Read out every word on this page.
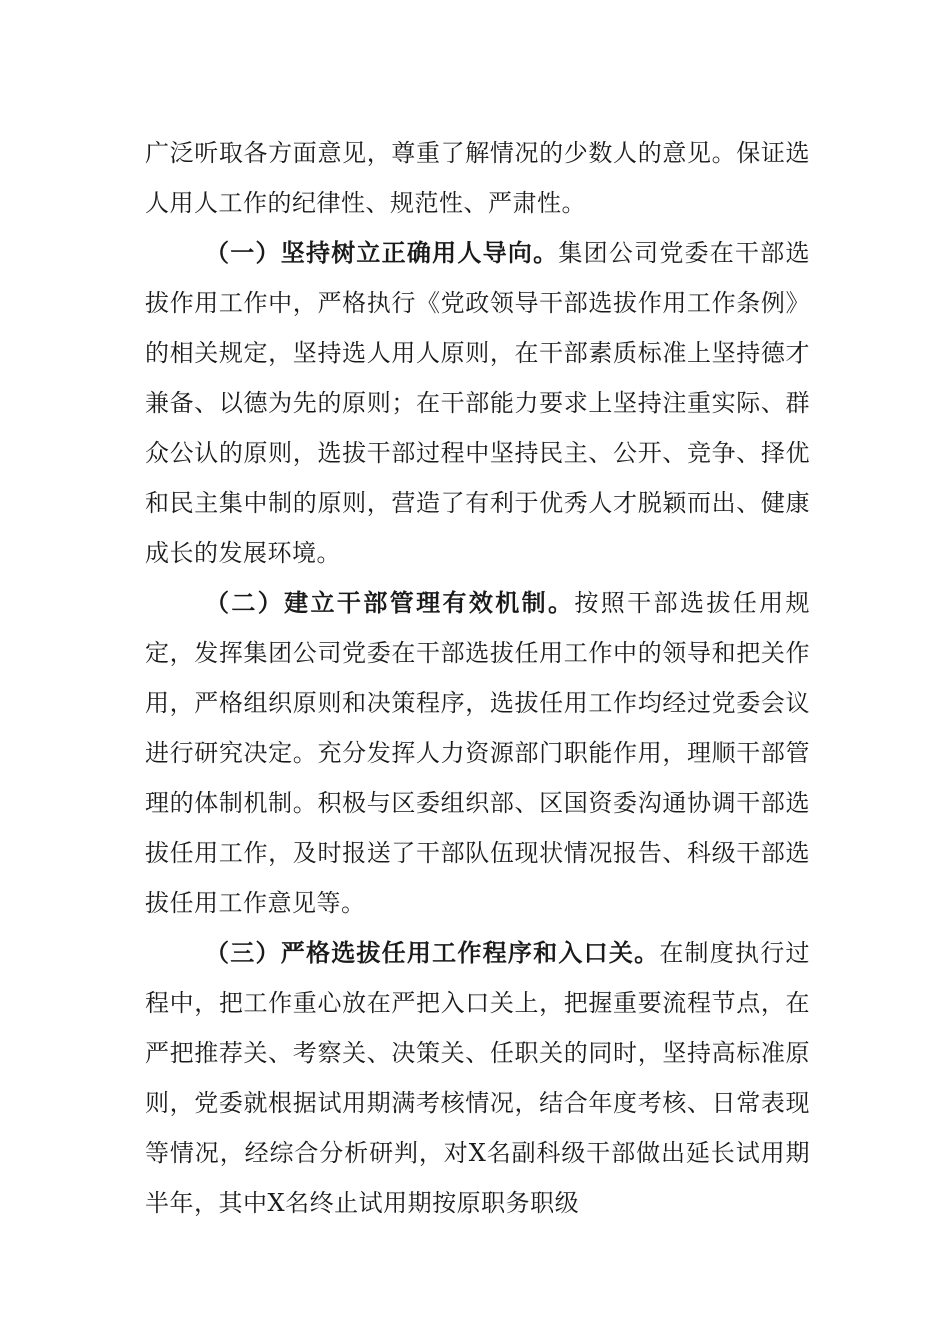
广泛听取各方面意见，尊重了解情况的少数人的意见。保证选人用人工作的纪律性、规范性、严肃性。

（一）坚持树立正确用人导向。集团公司党委在干部选拔作用工作中，严格执行《党政领导干部选拔作用工作条例》的相关规定，坚持选人用人原则，在干部素质标准上坚持德才兼备、以德为先的原则；在干部能力要求上坚持注重实际、群众公认的原则，选拔干部过程中坚持民主、公开、竞争、择优和民主集中制的原则，营造了有利于优秀人才脱颖而出、健康成长的发展环境。

（二）建立干部管理有效机制。按照干部选拔任用规定，发挥集团公司党委在干部选拔任用工作中的领导和把关作用，严格组织原则和决策程序，选拔任用工作均经过党委会议进行研究决定。充分发挥人力资源部门职能作用，理顺干部管理的体制机制。积极与区委组织部、区国资委沟通协调干部选拔任用工作，及时报送了干部队伍现状情况报告、科级干部选拔任用工作意见等。

（三）严格选拔任用工作程序和入口关。在制度执行过程中，把工作重心放在严把入口关上，把握重要流程节点，在严把推荐关、考察关、决策关、任职关的同时，坚持高标准原则，党委就根据试用期满考核情况，结合年度考核、日常表现等情况，经综合分析研判，对X名副科级干部做出延长试用期半年，其中X名终止试用期按原职务职级
